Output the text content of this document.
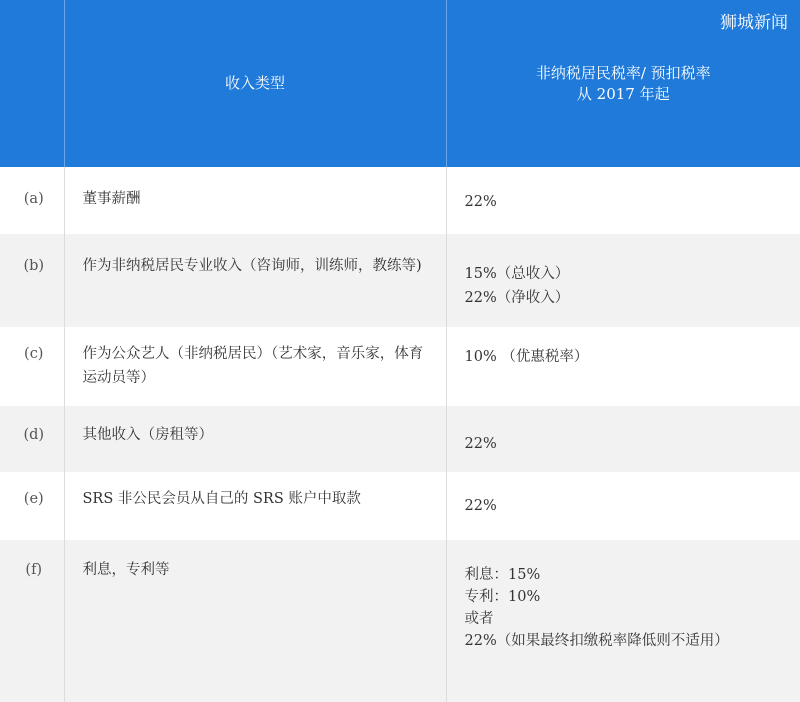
狮城新闻
	收入类型	非纳税居民税率/ 预扣税率
从 2017 年起

(a)	董事薪酬	22%

(b)	作为非纳税居民专业收入（咨询师，训练师，教练等)	15%（总收入）
22%（净收入）

(c)	作为公众艺人（非纳税居民）（艺术家，音乐家，体育运动员等）	10% （优惠税率）

(d)	其他收入（房租等）	22%

(e)	SRS 非公民会员从自己的 SRS 账户中取款	22%

(f)	利息，专利等	利息：15%
专利：10%
或者
22%（如果最终扣缴税率降低则不适用）
